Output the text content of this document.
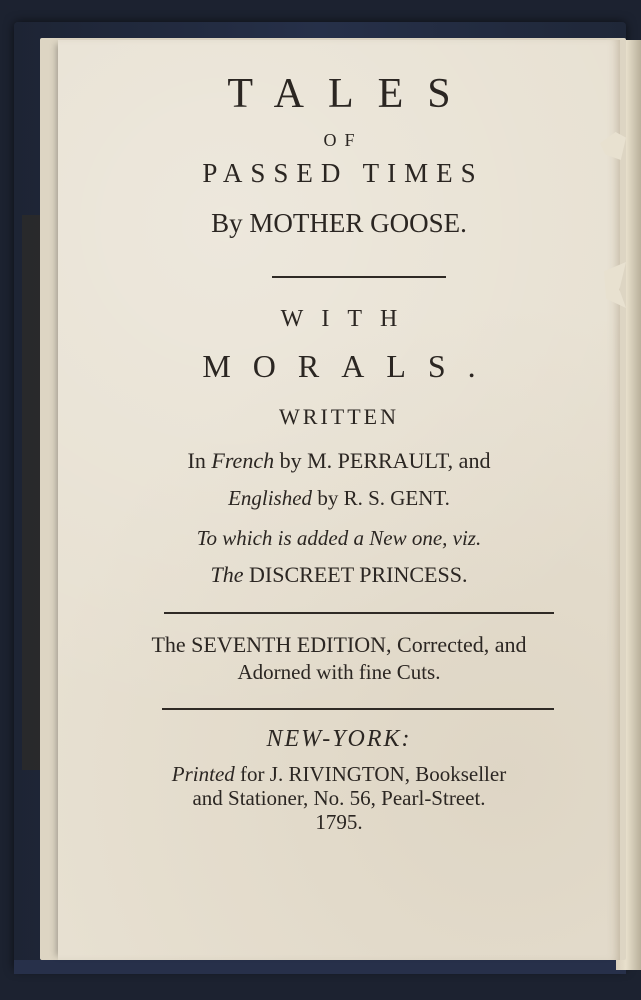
TALES
OF
PASSED TIMES
By MOTHER GOOSE.
WITH
MORALS.
WRITTEN
In French by M. PERRAULT, and
Englished by R. S. GENT.
To which is added a New one, viz.
The DISCREET PRINCESS.
The SEVENTH EDITION, Corrected, and
Adorned with fine Cuts.
NEW-YORK:
Printed for J. RIVINGTON, Bookseller
and Stationer, No. 56, Pearl-Street.
1795.
